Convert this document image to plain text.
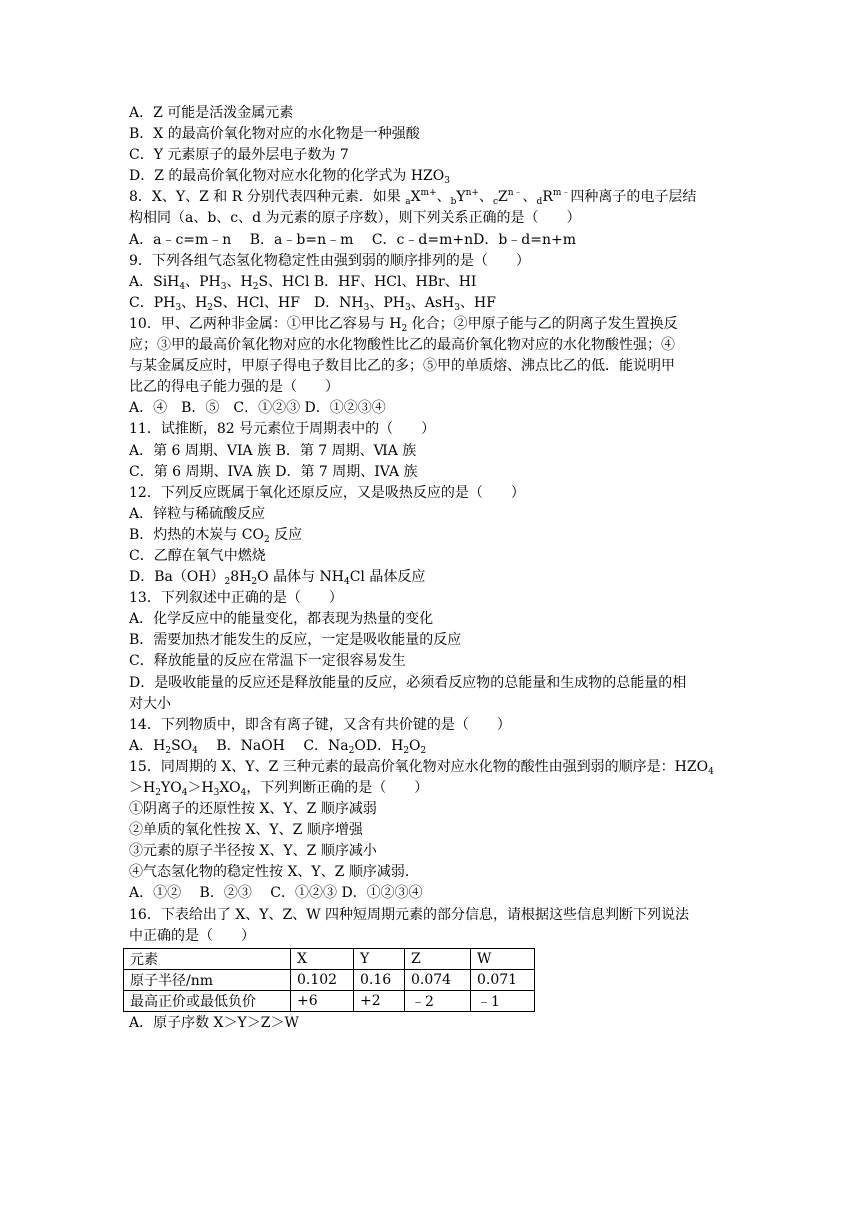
A．Z 可能是活泼金属元素
B．X 的最高价氧化物对应的水化物是一种强酸
C．Y 元素原子的最外层电子数为 7
D．Z 的最高价氧化物对应水化物的化学式为 $HZO_3$
8．X、Y、Z 和 R 分别代表四种元素．如果 $_aX^{m+}$、$_bY^{n+}$、$_cZ^{n﹣}$、$_dR^{m﹣}$四种离子的电子层结
构相同（a、b、c、d 为元素的原子序数），则下列关系正确的是（　　）
A．a﹣c=m﹣n　 B．a﹣b=n﹣m　 C．c﹣d=m+nD．b﹣d=n+m
9．下列各组气态氢化物稳定性由强到弱的顺序排列的是（　　）
A．SiH$_4$、$PH_3$、$H_2S$、HCl B．HF、HCl、HBr、HI
C．$PH_3$、$H_2S$、HCl、HF　D．$NH_3$、$PH_3$、AsH$_3$、HF
10．甲、乙两种非金属：①甲比乙容易与 $H_2$ 化合；②甲原子能与乙的阴离子发生置换反
应；③甲的最高价氧化物对应的水化物酸性比乙的最高价氧化物对应的水化物酸性强；④
与某金属反应时，甲原子得电子数目比乙的多；⑤甲的单质熔、沸点比乙的低．能说明甲
比乙的得电子能力强的是（　　）
A．④　B．⑤　C．①②③ D．①②③④
11．试推断，82 号元素位于周期表中的（　　）
A．第 6 周期、VIA 族 B．第 7 周期、ⅥA 族
C．第 6 周期、IVA 族 D．第 7 周期、IVA 族
12．下列反应既属于氧化还原反应，又是吸热反应的是（　　）
A．锌粒与稀硫酸反应
B．灼热的木炭与 $CO_2$ 反应
C．乙醇在氧气中燃烧
D．$Ba(OH)_28H_2O$ 晶体与 $NH_4Cl$ 晶体反应
13．下列叙述中正确的是（　　）
A．化学反应中的能量变化，都表现为热量的变化
B．需要加热才能发生的反应，一定是吸收能量的反应
C．释放能量的反应在常温下一定很容易发生
D．是吸收能量的反应还是释放能量的反应，必须看反应物的总能量和生成物的总能量的相
对大小
14．下列物质中，即含有离子键，又含有共价键的是（　　）
A．$H_2SO_4$　 B．NaOH　 C．$Na_2OD$．$H_2O_2$
15．同周期的 X、Y、Z 三种元素的最高价氧化物对应水化物的酸性由强到弱的顺序是：$HZO_4$
$>H_2YO_4>H_3XO_4$，下列判断正确的是（　　）
①阴离子的还原性按 X、Y、Z 顺序减弱
②单质的氧化性按 X、Y、Z 顺序增强
③元素的原子半径按 X、Y、Z 顺序减小
④气态氢化物的稳定性按 X、Y、Z 顺序减弱．
A．①②　 B．②③　 C．①②③ D．①②③④
16．下表给出了 X、Y、Z、W 四种短周期元素的部分信息，请根据这些信息判断下列说法
中正确的是（　　）
元素	X	Y	Z	W
原子半径/nm	0.102	0.16	0.074	0.071
最高正价或最低负价	+6	+2	﹣2	﹣1
A．原子序数 X＞Y＞Z＞W
